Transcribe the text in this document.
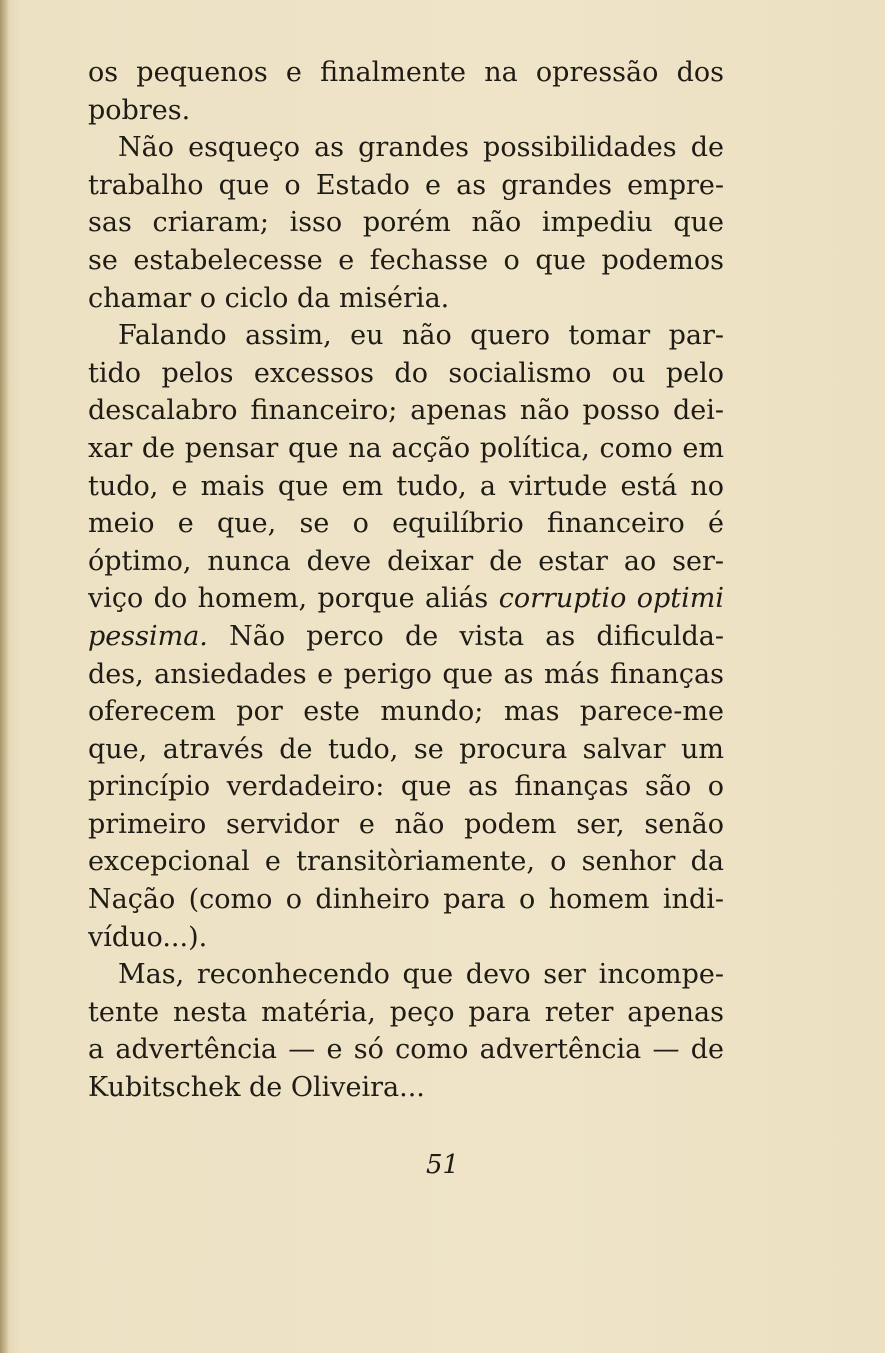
os pequenos e finalmente na opressão dos
pobres.
Não esqueço as grandes possibilidades de
trabalho que o Estado e as grandes empre-
sas criaram; isso porém não impediu que
se estabelecesse e fechasse o que podemos
chamar o ciclo da miséria.
Falando assim, eu não quero tomar par-
tido pelos excessos do socialismo ou pelo
descalabro financeiro; apenas não posso dei-
xar de pensar que na acção política, como em
tudo, e mais que em tudo, a virtude está no
meio e que, se o equilíbrio financeiro é
óptimo, nunca deve deixar de estar ao ser-
viço do homem, porque aliás corruptio optimi
pessima. Não perco de vista as dificulda-
des, ansiedades e perigo que as más finanças
oferecem por este mundo; mas parece-me
que, através de tudo, se procura salvar um
princípio verdadeiro: que as finanças são o
primeiro servidor e não podem ser, senão
excepcional e transitòriamente, o senhor da
Nação (como o dinheiro para o homem indi-
víduo...).
Mas, reconhecendo que devo ser incompe-
tente nesta matéria, peço para reter apenas
a advertência — e só como advertência — de
Kubitschek de Oliveira...
51
